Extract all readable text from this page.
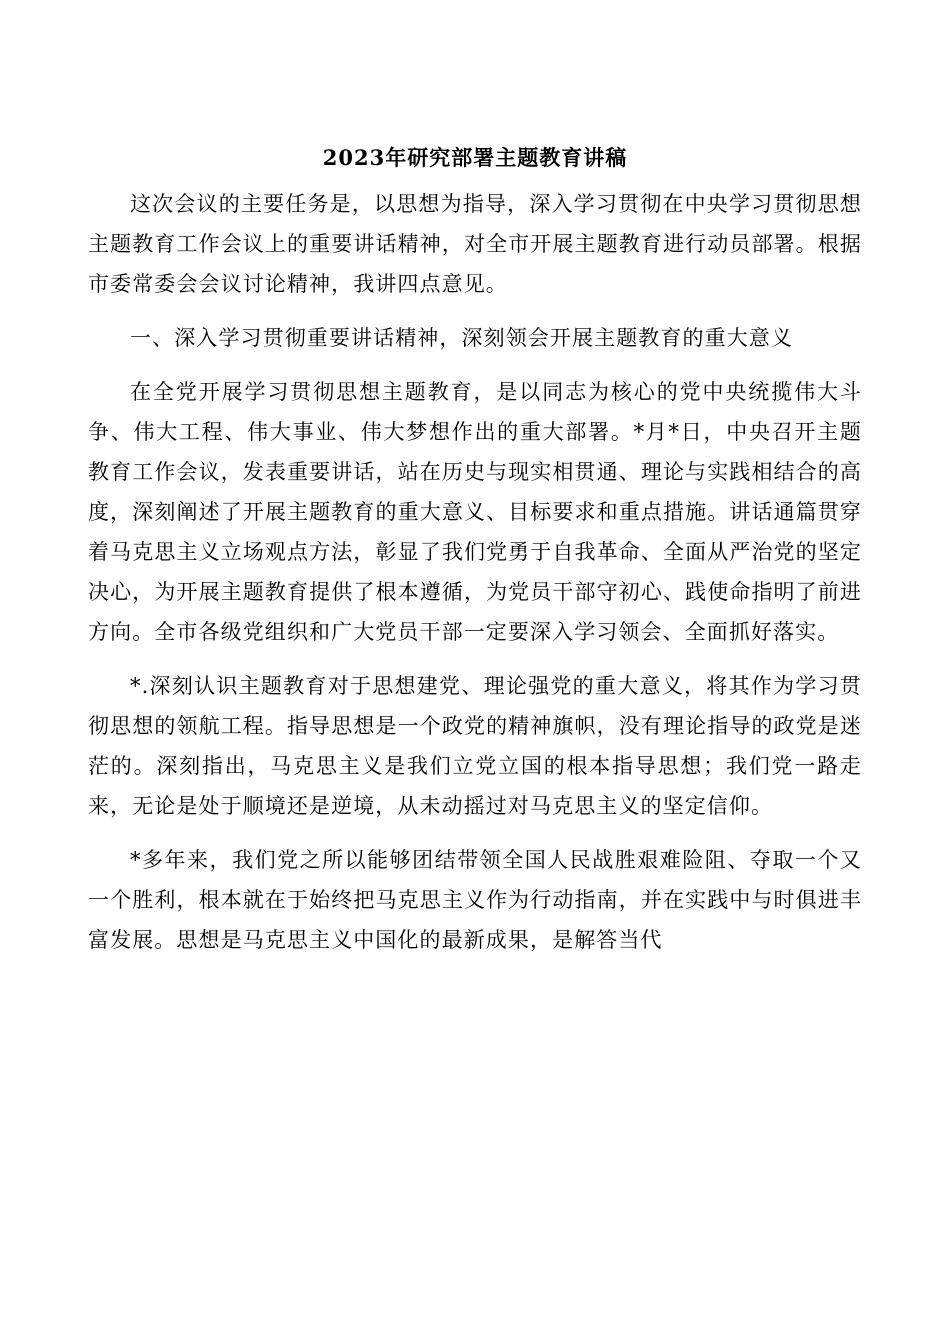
2023年研究部署主题教育讲稿

这次会议的主要任务是，以思想为指导，深入学习贯彻在中央学习贯彻思想主题教育工作会议上的重要讲话精神，对全市开展主题教育进行动员部署。根据市委常委会会议讨论精神，我讲四点意见。

一、深入学习贯彻重要讲话精神，深刻领会开展主题教育的重大意义

在全党开展学习贯彻思想主题教育，是以同志为核心的党中央统揽伟大斗争、伟大工程、伟大事业、伟大梦想作出的重大部署。*月*日，中央召开主题教育工作会议，发表重要讲话，站在历史与现实相贯通、理论与实践相结合的高度，深刻阐述了开展主题教育的重大意义、目标要求和重点措施。讲话通篇贯穿着马克思主义立场观点方法，彰显了我们党勇于自我革命、全面从严治党的坚定决心，为开展主题教育提供了根本遵循，为党员干部守初心、践使命指明了前进方向。全市各级党组织和广大党员干部一定要深入学习领会、全面抓好落实。

*.深刻认识主题教育对于思想建党、理论强党的重大意义，将其作为学习贯彻思想的领航工程。指导思想是一个政党的精神旗帜，没有理论指导的政党是迷茫的。深刻指出，马克思主义是我们立党立国的根本指导思想；我们党一路走来，无论是处于顺境还是逆境，从未动摇过对马克思主义的坚定信仰。

*多年来，我们党之所以能够团结带领全国人民战胜艰难险阻、夺取一个又一个胜利，根本就在于始终把马克思主义作为行动指南，并在实践中与时俱进丰富发展。思想是马克思主义中国化的最新成果，是解答当代
